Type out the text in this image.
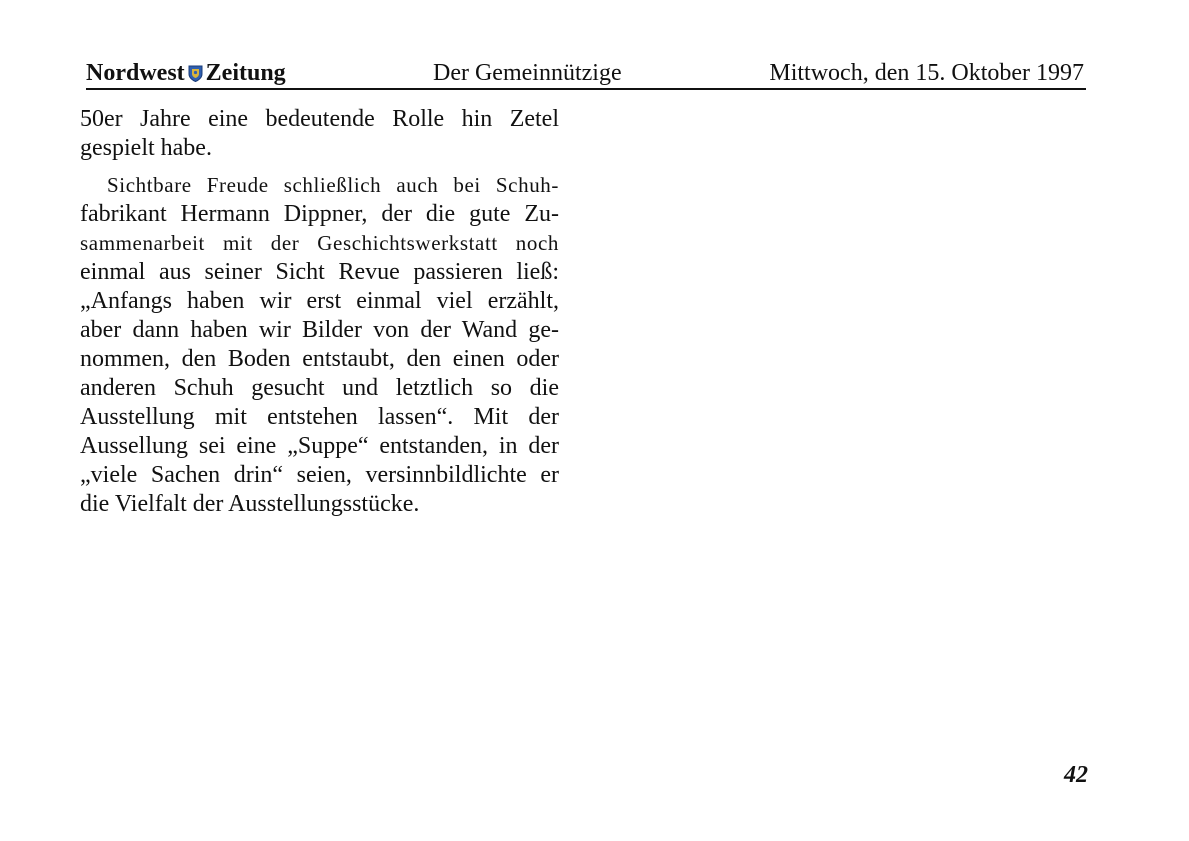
Nordwest Zeitung	Der Gemeinnützige	Mittwoch, den 15. Oktober 1997

50er Jahre eine bedeutende Rolle hin Zetel
gespielt habe.

Sichtbare Freude schließlich auch bei Schuh-
fabrikant Hermann Dippner, der die gute Zu-
sammenarbeit mit der Geschichtswerkstatt noch
einmal aus seiner Sicht Revue passieren ließ:
„Anfangs haben wir erst einmal viel erzählt,
aber dann haben wir Bilder von der Wand ge-
nommen, den Boden entstaubt, den einen oder
anderen Schuh gesucht und letztlich so die
Ausstellung mit entstehen lassen“. Mit der
Aussellung sei eine „Suppe“ entstanden, in der
„viele Sachen drin“ seien, versinnbildlichte er
die Vielfalt der Ausstellungsstücke.

42
